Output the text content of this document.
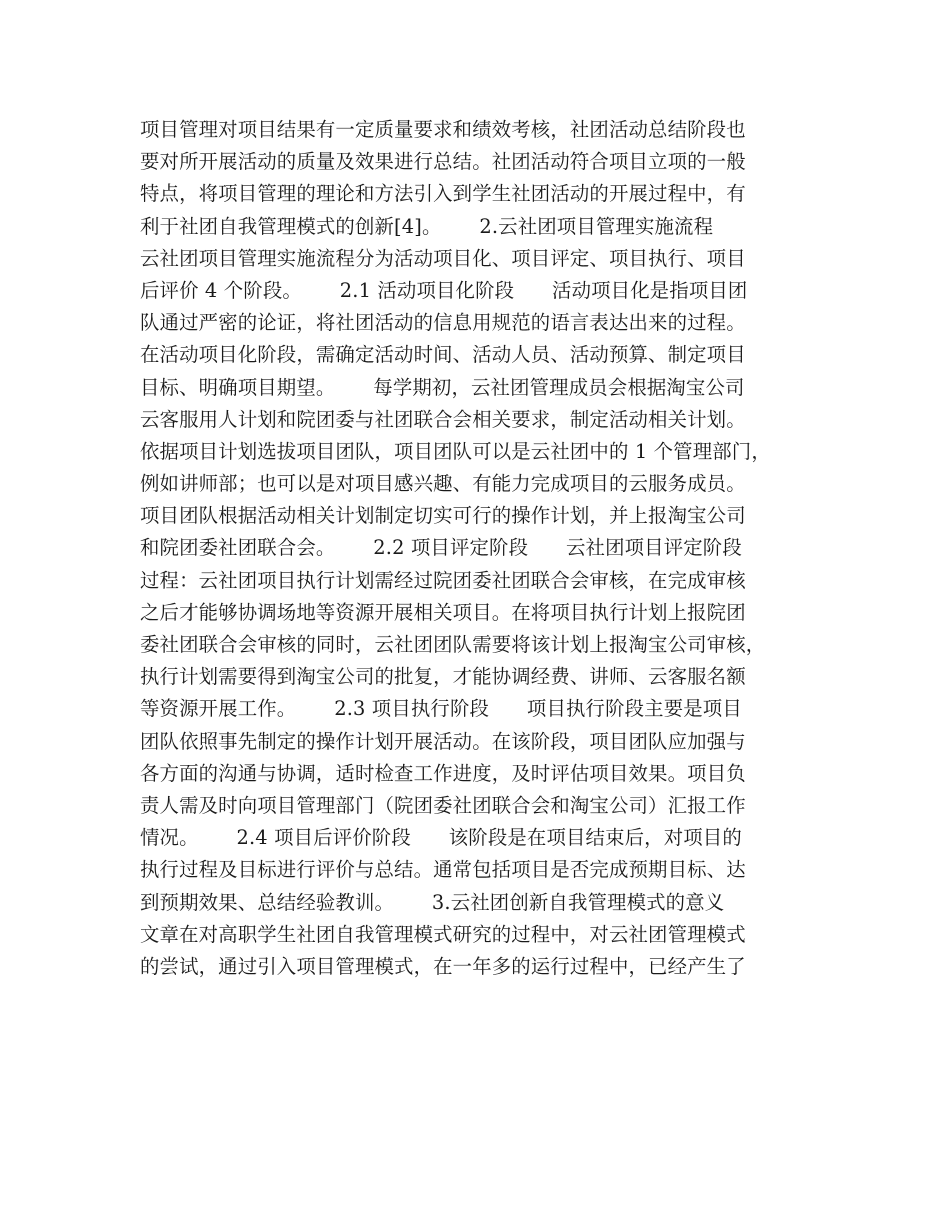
项目管理对项目结果有一定质量要求和绩效考核，社团活动总结阶段也
要对所开展活动的质量及效果进行总结。社团活动符合项目立项的一般
特点，将项目管理的理论和方法引入到学生社团活动的开展过程中，有
利于社团自我管理模式的创新[4]。      2.云社团项目管理实施流程
云社团项目管理实施流程分为活动项目化、项目评定、项目执行、项目
后评价 4 个阶段。      2.1 活动项目化阶段      活动项目化是指项目团
队通过严密的论证，将社团活动的信息用规范的语言表达出来的过程。
在活动项目化阶段，需确定活动时间、活动人员、活动预算、制定项目
目标、明确项目期望。      每学期初，云社团管理成员会根据淘宝公司
云客服用人计划和院团委与社团联合会相关要求，制定活动相关计划。
依据项目计划选拔项目团队，项目团队可以是云社团中的 1 个管理部门，
例如讲师部；也可以是对项目感兴趣、有能力完成项目的云服务成员。
项目团队根据活动相关计划制定切实可行的操作计划，并上报淘宝公司
和院团委社团联合会。      2.2 项目评定阶段      云社团项目评定阶段
过程：云社团项目执行计划需经过院团委社团联合会审核，在完成审核
之后才能够协调场地等资源开展相关项目。在将项目执行计划上报院团
委社团联合会审核的同时，云社团团队需要将该计划上报淘宝公司审核，
执行计划需要得到淘宝公司的批复，才能协调经费、讲师、云客服名额
等资源开展工作。      2.3 项目执行阶段      项目执行阶段主要是项目
团队依照事先制定的操作计划开展活动。在该阶段，项目团队应加强与
各方面的沟通与协调，适时检查工作进度，及时评估项目效果。项目负
责人需及时向项目管理部门（院团委社团联合会和淘宝公司）汇报工作
情况。      2.4 项目后评价阶段      该阶段是在项目结束后，对项目的
执行过程及目标进行评价与总结。通常包括项目是否完成预期目标、达
到预期效果、总结经验教训。      3.云社团创新自我管理模式的意义
文章在对高职学生社团自我管理模式研究的过程中，对云社团管理模式
的尝试，通过引入项目管理模式，在一年多的运行过程中，已经产生了
